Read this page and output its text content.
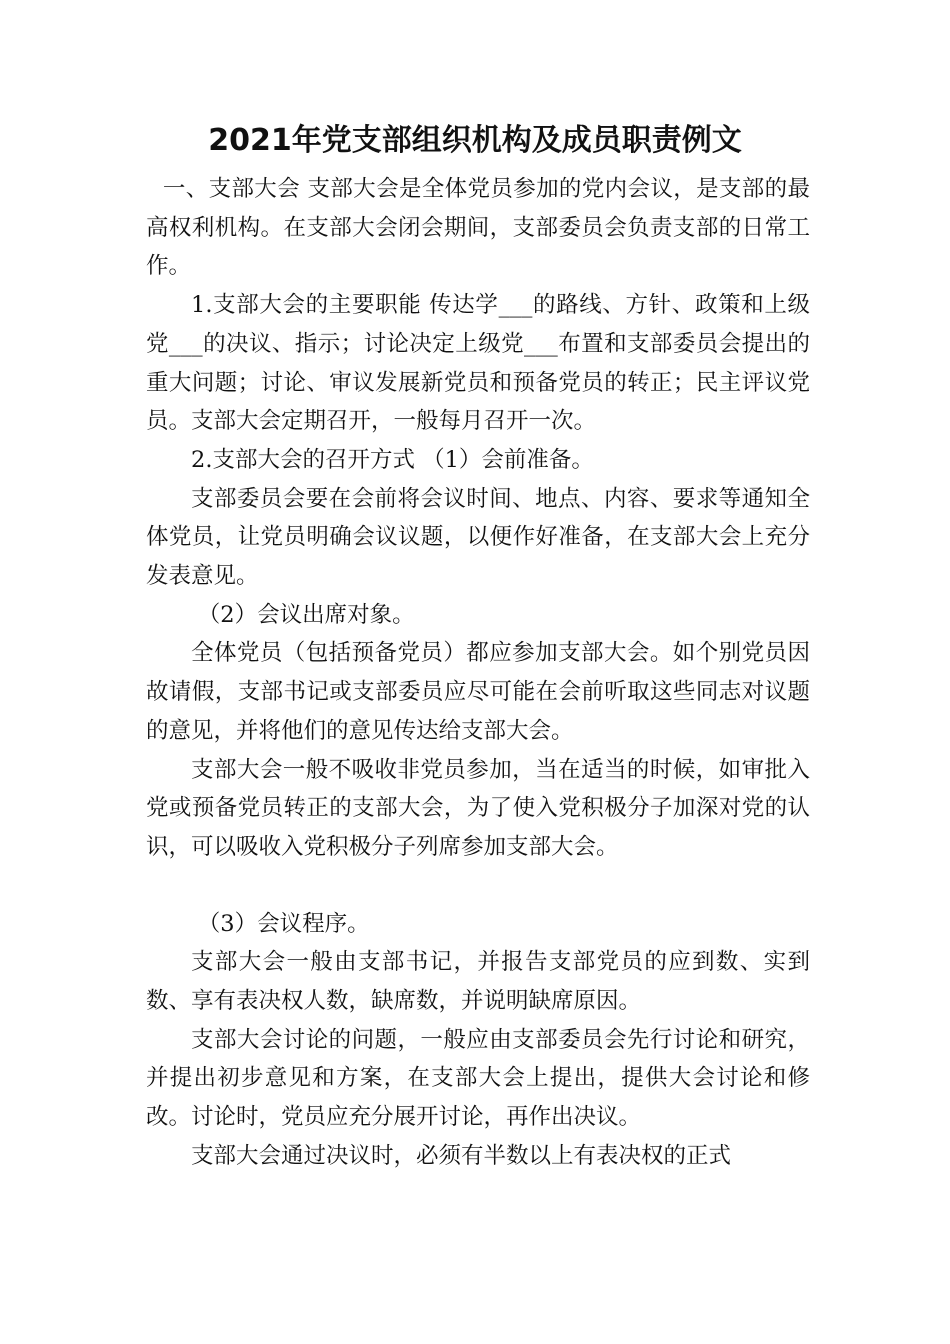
2021年党支部组织机构及成员职责例文

一、支部大会 支部大会是全体党员参加的党内会议，是支部的最高权利机构。在支部大会闭会期间，支部委员会负责支部的日常工作。

1.支部大会的主要职能 传达学___的路线、方针、政策和上级党___的决议、指示；讨论决定上级党___布置和支部委员会提出的重大问题；讨论、审议发展新党员和预备党员的转正；民主评议党员。支部大会定期召开，一般每月召开一次。

2.支部大会的召开方式 （1）会前准备。

支部委员会要在会前将会议时间、地点、内容、要求等通知全体党员，让党员明确会议议题，以便作好准备，在支部大会上充分发表意见。

（2）会议出席对象。

全体党员（包括预备党员）都应参加支部大会。如个别党员因故请假，支部书记或支部委员应尽可能在会前听取这些同志对议题的意见，并将他们的意见传达给支部大会。

支部大会一般不吸收非党员参加，当在适当的时候，如审批入党或预备党员转正的支部大会，为了使入党积极分子加深对党的认识，可以吸收入党积极分子列席参加支部大会。

（3）会议程序。

支部大会一般由支部书记，并报告支部党员的应到数、实到数、享有表决权人数，缺席数，并说明缺席原因。

支部大会讨论的问题，一般应由支部委员会先行讨论和研究，并提出初步意见和方案，在支部大会上提出，提供大会讨论和修改。讨论时，党员应充分展开讨论，再作出决议。

支部大会通过决议时，必须有半数以上有表决权的正式
